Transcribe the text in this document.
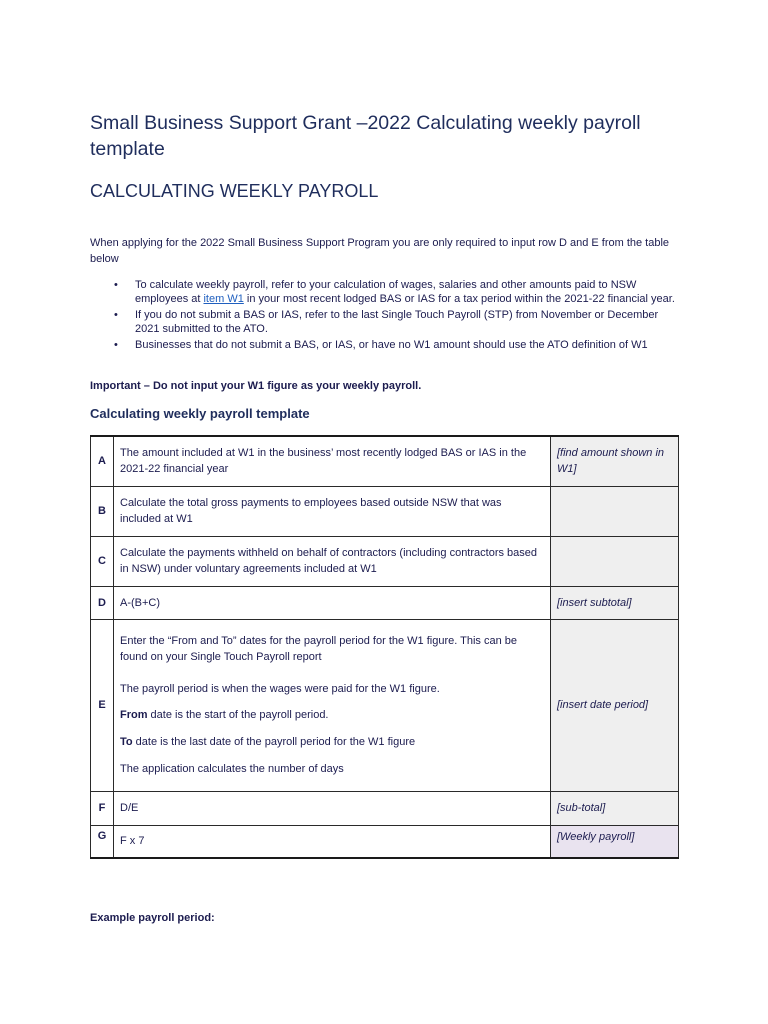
Small Business Support Grant –2022 Calculating weekly payroll template
CALCULATING WEEKLY PAYROLL

When applying for the 2022 Small Business Support Program you are only required to input row D and E from the table below

• To calculate weekly payroll, refer to your calculation of wages, salaries and other amounts paid to NSW employees at item W1 in your most recent lodged BAS or IAS for a tax period within the 2021-22 financial year.
• If you do not submit a BAS or IAS, refer to the last Single Touch Payroll (STP) from November or December 2021 submitted to the ATO.
• Businesses that do not submit a BAS, or IAS, or have no W1 amount should use the ATO definition of W1
Important – Do not input your W1 figure as your weekly payroll.
Calculating weekly payroll template
A	The amount included at W1 in the business’ most recently lodged BAS or IAS in the 2021-22 financial year	[find amount shown in W1]
B	Calculate the total gross payments to employees based outside NSW that was included at W1	
C	Calculate the payments withheld on behalf of contractors (including contractors based in NSW) under voluntary agreements included at W1	
D	A-(B+C)	[insert subtotal]
E	Enter the “From and To” dates for the payroll period for the W1 figure. This can be found on your Single Touch Payroll report

The payroll period is when the wages were paid for the W1 figure.

From date is the start of the payroll period.

To date is the last date of the payroll period for the W1 figure

The application calculates the number of days	[insert date period]
F	D/E	[sub-total]
G	F x 7	[Weekly payroll]
Example payroll period:
